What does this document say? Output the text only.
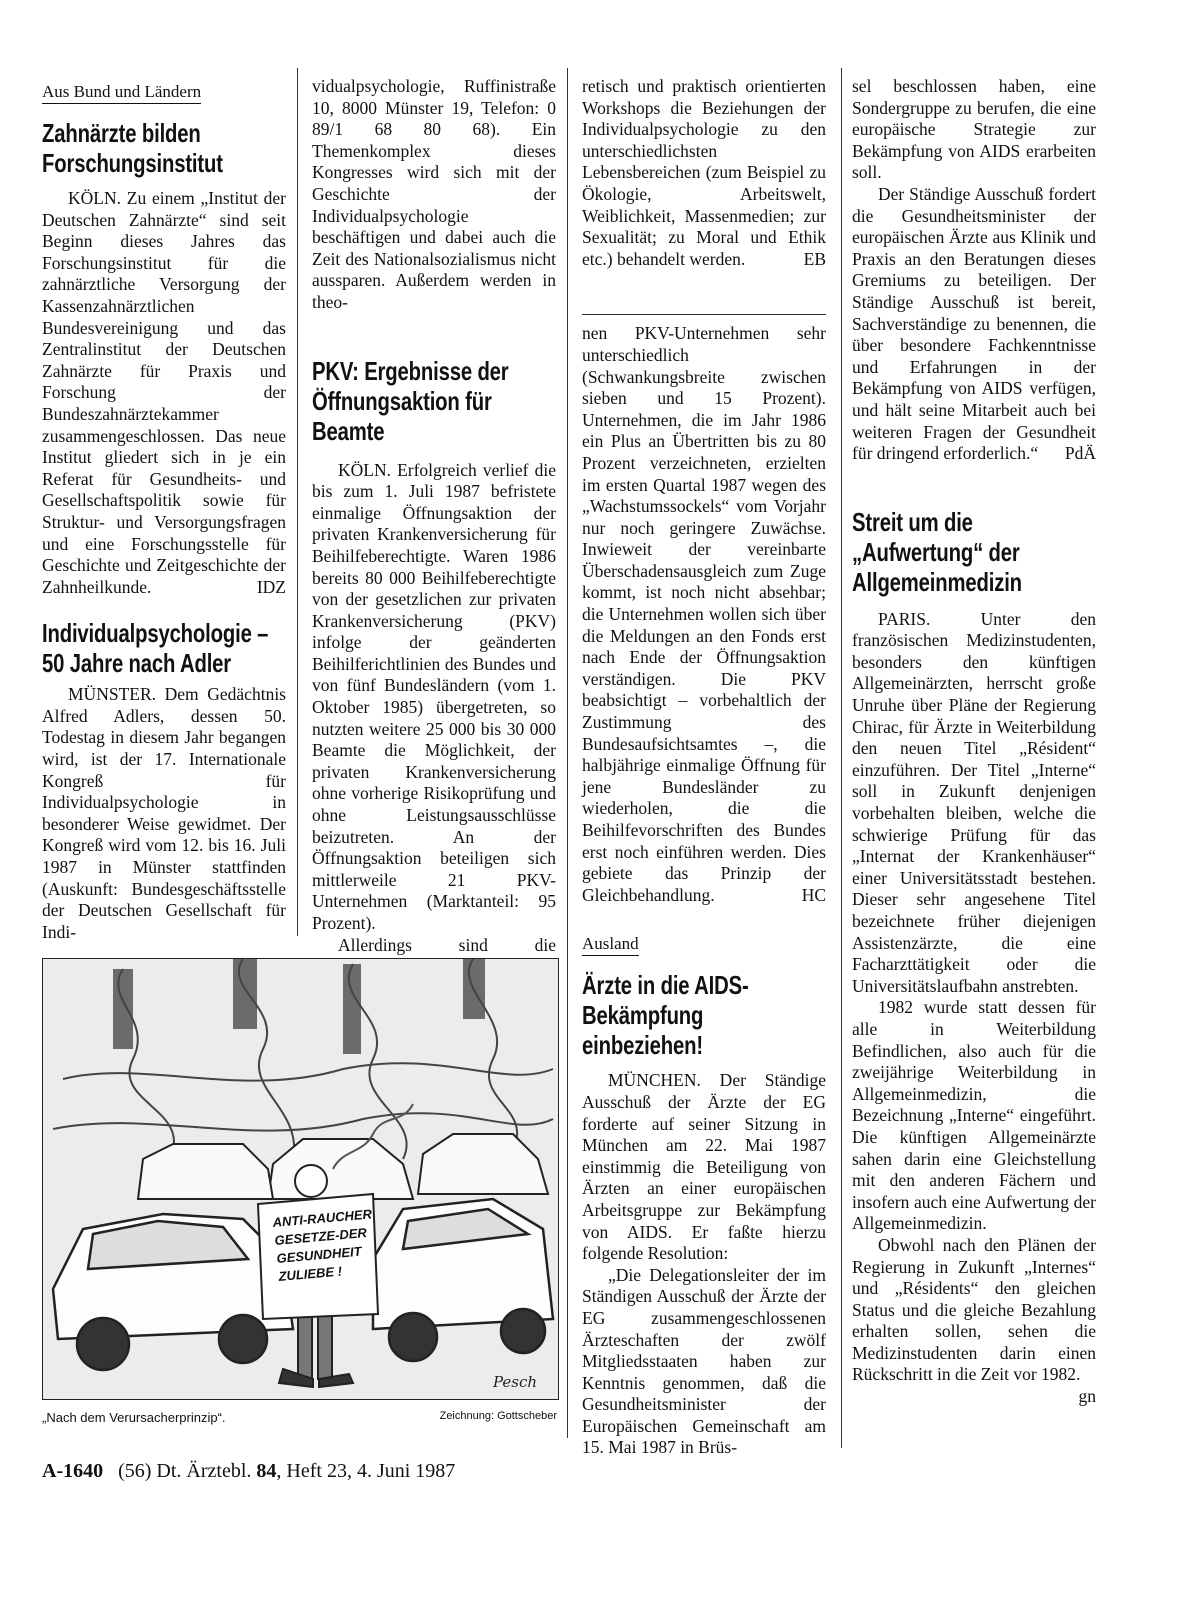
Aus Bund und Ländern
Zahnärzte bilden Forschungsinstitut

KÖLN. Zu einem „Institut der Deutschen Zahnärzte“ sind seit Beginn dieses Jahres das Forschungsinstitut für die zahnärztliche Versorgung der Kassenzahnärztlichen Bundesvereinigung und das Zentralinstitut der Deutschen Zahnärzte für Praxis und Forschung der Bundeszahnärztekammer zusammengeschlossen. Das neue Institut gliedert sich in je ein Referat für Gesundheits- und Gesellschaftspolitik sowie für Struktur- und Versorgungsfragen und eine Forschungsstelle für Geschichte und Zeitgeschichte der Zahnheilkunde.	IDZ

Individualpsychologie – 50 Jahre nach Adler

MÜNSTER. Dem Gedächtnis Alfred Adlers, dessen 50. Todestag in diesem Jahr begangen wird, ist der 17. Internationale Kongreß für Individualpsychologie in besonderer Weise gewidmet. Der Kongreß wird vom 12. bis 16. Juli 1987 in Münster stattfinden (Auskunft: Bundesgeschäftsstelle der Deutschen Gesellschaft für Indi-

vidualpsychologie, Ruffinistraße 10, 8000 Münster 19, Telefon: 0 89/1 68 80 68). Ein Themenkomplex dieses Kongresses wird sich mit der Geschichte der Individualpsychologie beschäftigen und dabei auch die Zeit des Nationalsozialismus nicht aussparen. Außerdem werden in theo-

PKV: Ergebnisse der Öffnungsaktion für Beamte

KÖLN. Erfolgreich verlief die bis zum 1. Juli 1987 befristete einmalige Öffnungsaktion der privaten Krankenversicherung für Beihilfeberechtigte. Waren 1986 bereits 80 000 Beihilfeberechtigte von der gesetzlichen zur privaten Krankenversicherung (PKV) infolge der geänderten Beihilferichtlinien des Bundes und von fünf Bundesländern (vom 1. Oktober 1985) übergetreten, so nutzten weitere 25 000 bis 30 000 Beamte die Möglichkeit, der privaten Krankenversicherung ohne vorherige Risikoprüfung und ohne Leistungsausschlüsse beizutreten. An der Öffnungsaktion beteiligen sich mittlerweile 21 PKV-Unternehmen (Marktanteil: 95 Prozent).

Allerdings sind die

retisch und praktisch orientierten Workshops die Beziehungen der Individualpsychologie zu den unterschiedlichsten Lebensbereichen (zum Beispiel zu Ökologie, Arbeitswelt, Weiblichkeit, Massenmedien; zur Sexualität; zu Moral und Ethik etc.) behandelt werden.	EB

nen PKV-Unternehmen sehr unterschiedlich (Schwankungsbreite zwischen sieben und 15 Prozent). Unternehmen, die im Jahr 1986 ein Plus an Übertritten bis zu 80 Prozent verzeichneten, erzielten im ersten Quartal 1987 wegen des „Wachstumssockels“ vom Vorjahr nur noch geringere Zuwächse. Inwieweit der vereinbarte Überschadensausgleich zum Zuge kommt, ist noch nicht absehbar; die Unternehmen wollen sich über die Meldungen an den Fonds erst nach Ende der Öffnungsaktion verständigen. Die PKV beabsichtigt – vorbehaltlich der Zustimmung des Bundesaufsichtsamtes –, die halbjährige einmalige Öffnung für jene Bundesländer zu wiederholen, die die Beihilfevorschriften des Bundes erst noch einführen werden. Dies gebiete das Prinzip der Gleichbehandlung.	HC

Ausland
Ärzte in die AIDS-Bekämpfung einbeziehen!

MÜNCHEN. Der Ständige Ausschuß der Ärzte der EG forderte auf seiner Sitzung in München am 22. Mai 1987 einstimmig die Beteiligung von Ärzten an einer europäischen Arbeitsgruppe zur Bekämpfung von AIDS. Er faßte hierzu folgende Resolution:

„Die Delegationsleiter der im Ständigen Ausschuß der Ärzte der EG zusammengeschlossenen Ärzteschaften der zwölf Mitgliedsstaaten haben zur Kenntnis genommen, daß die Gesundheitsminister der Europäischen Gemeinschaft am 15. Mai 1987 in Brüs-

sel beschlossen haben, eine Sondergruppe zu berufen, die eine europäische Strategie zur Bekämpfung von AIDS erarbeiten soll.

Der Ständige Ausschuß fordert die Gesundheitsminister der europäischen Ärzte aus Klinik und Praxis an den Beratungen dieses Gremiums zu beteiligen. Der Ständige Ausschuß ist bereit, Sachverständige zu benennen, die über besondere Fachkenntnisse und Erfahrungen in der Bekämpfung von AIDS verfügen, und hält seine Mitarbeit auch bei weiteren Fragen der Gesundheit für dringend erforderlich.“	PdÄ

Streit um die „Aufwertung“ der Allgemeinmedizin

PARIS. Unter den französischen Medizinstudenten, besonders den künftigen Allgemeinärzten, herrscht große Unruhe über Pläne der Regierung Chirac, für Ärzte in Weiterbildung den neuen Titel „Résident“ einzuführen. Der Titel „Interne“ soll in Zukunft denjenigen vorbehalten bleiben, welche die schwierige Prüfung für das „Internat der Krankenhäuser“ einer Universitätsstadt bestehen. Dieser sehr angesehene Titel bezeichnete früher diejenigen Assistenzärzte, die eine Facharzttätigkeit oder die Universitätslaufbahn anstrebten.

1982 wurde statt dessen für alle in Weiterbildung Befindlichen, also auch für die zweijährige Weiterbildung in Allgemeinmedizin, die Bezeichnung „Interne“ eingeführt. Die künftigen Allgemeinärzte sahen darin eine Gleichstellung mit den anderen Fächern und insofern auch eine Aufwertung der Allgemeinmedizin.

Obwohl nach den Plänen der Regierung in Zukunft „Internes“ und „Résidents“ den gleichen Status und die gleiche Bezahlung erhalten sollen, sehen die Medizinstudenten darin einen Rückschritt in die Zeit vor 1982.
gn

ANTI-RAUCHER
GESETZE-DER
GESUNDHEIT
ZULIEBE !
Pesch
„Nach dem Verursacherprinzip“.	Zeichnung: Gottscheber
A-1640 (56) Dt. Ärztebl. 84, Heft 23, 4. Juni 1987
